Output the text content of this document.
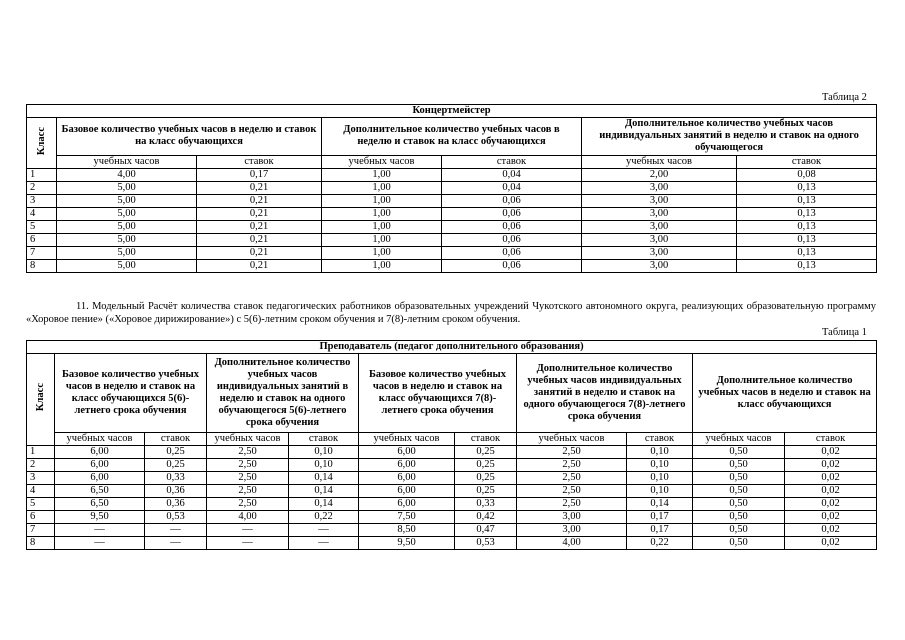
Таблица 2
Концертмейстер						
Класс	Базовое количество учебных часов в неделю и ставок на класс обучающихся		Дополнительное количество учебных часов в неделю и ставок на класс обучающихся		Дополнительное количество учебных часов индивидуальных занятий в неделю и ставок на одного обучающегося	
	учебных часов	ставок	учебных часов	ставок	учебных часов	ставок
1	4,00	0,17	1,00	0,04	2,00	0,08
2	5,00	0,21	1,00	0,04	3,00	0,13
3	5,00	0,21	1,00	0,06	3,00	0,13
4	5,00	0,21	1,00	0,06	3,00	0,13
5	5,00	0,21	1,00	0,06	3,00	0,13
6	5,00	0,21	1,00	0,06	3,00	0,13
7	5,00	0,21	1,00	0,06	3,00	0,13
8	5,00	0,21	1,00	0,06	3,00	0,13
11. Модельный Расчёт количества ставок педагогических работников образовательных учреждений Чукотского автономного округа, реализующих образовательную программу «Хоровое пение» («Хоровое дирижирование») с 5(6)-летним сроком обучения и 7(8)-летним сроком обучения.
Таблица 1
Преподаватель (педагог дополнительного образования)										
Класс	Базовое количество учебных часов в неделю и ставок на класс обучающихся 5(6)-летнего срока обучения		Дополнительное количество учебных часов индивидуальных занятий в неделю и ставок на одного обучающегося 5(6)-летнего срока обучения		Базовое количество учебных часов в неделю и ставок на класс обучающихся 7(8)-летнего срока обучения		Дополнительное количество учебных часов индивидуальных занятий в неделю и ставок на одного обучающегося 7(8)-летнего срока обучения		Дополнительное количество учебных часов в неделю и ставок на класс обучающихся	
	учебных часов	ставок	учебных часов	ставок	учебных часов	ставок	учебных часов	ставок	учебных часов	ставок
1	6,00	0,25	2,50	0,10	6,00	0,25	2,50	0,10	0,50	0,02
2	6,00	0,25	2,50	0,10	6,00	0,25	2,50	0,10	0,50	0,02
3	6,00	0,33	2,50	0,14	6,00	0,25	2,50	0,10	0,50	0,02
4	6,50	0,36	2,50	0,14	6,00	0,25	2,50	0,10	0,50	0,02
5	6,50	0,36	2,50	0,14	6,00	0,33	2,50	0,14	0,50	0,02
6	9,50	0,53	4,00	0,22	7,50	0,42	3,00	0,17	0,50	0,02
7	—	—	—	—	8,50	0,47	3,00	0,17	0,50	0,02
8	—	—	—	—	9,50	0,53	4,00	0,22	0,50	0,02
